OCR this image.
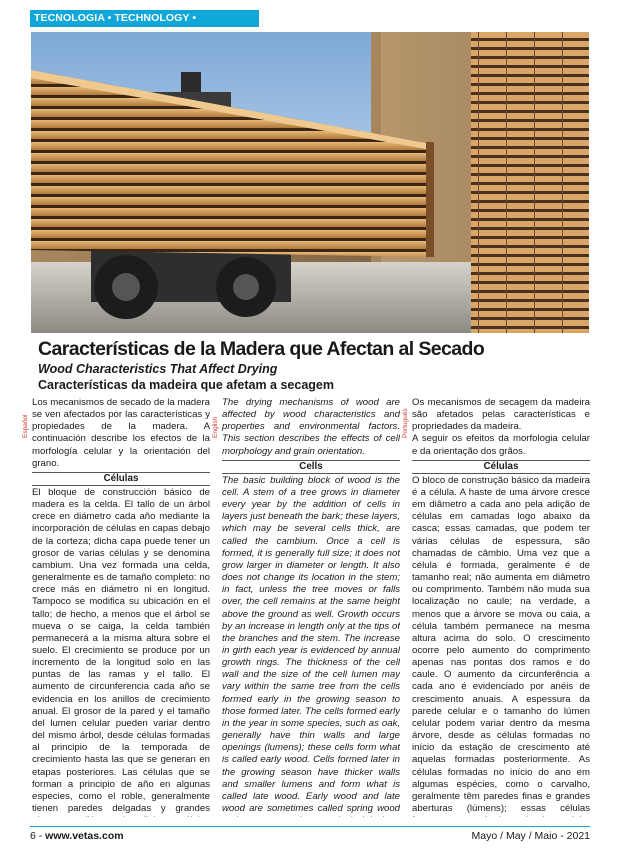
TECNOLOGIA • TECHNOLOGY •
Características de la Madera que Afectan al Secado
Wood Characteristics That Affect Drying
Características da madeira que afetam a secagem
Español	English	Português

Los mecanismos de secado de la madera se ven afectados por las características y propiedades de la madera. A continuación describe los efectos de la morfología celular y la orientación del grano.

Células

El bloque de construcción básico de madera es la celda. El tallo de un árbol crece en diámetro cada año mediante la incorporación de células en capas debajo de la corteza; dicha capa puede tener un grosor de varias células y se denomina cambium. Una vez formada una celda, generalmente es de tamaño completo: no crece más en diámetro ni en longitud. Tampoco se modifica su ubicación en el tallo; de hecho, a menos que el árbol se mueva o se caiga, la celda también permanecerá a la misma altura sobre el suelo. El crecimiento se produce por un incremento de la longitud solo en las puntas de las ramas y el tallo. El aumento de circunferencia cada año se evidencia en los anillos de crecimiento anual. El grosor de la pared y el tamaño del lumen celular pueden variar dentro del mismo árbol, desde células formadas al principio de la temporada de crecimiento hasta las que se generan en etapas posteriores. Las células que se forman a principio de año en algunas especies, como el roble, generalmente tienen paredes delgadas y grandes

The drying mechanisms of wood are affected by wood characteristics and properties and environmental factors. This section describes the effects of cell morphology and grain orientation.

Cells

The basic building block of wood is the cell. A stem of a tree grows in diameter every year by the addition of cells in layers just beneath the bark; these layers, which may be several cells thick, are called the cambium. Once a cell is formed, it is generally full size; it does not grow larger in diameter or length. It also does not change its location in the stem; in fact, unless the tree moves or falls over, the cell remains at the same height above the ground as well. Growth occurs by an increase in length only at the tips of the branches and the stem. The increase in girth each year is evidenced by annual growth rings. The thickness of the cell wall and the size of the cell lumen may vary within the same tree from the cells formed early in the growing season to those formed later. The cells formed early in the year in some species, such as oak, generally have thin walls and large openings (lumens); these cells form what is called early wood. Cells formed later in the growing season have thicker walls and smaller lumens and form what is called late wood. Early wood and late wood are sometimes called spring wood

Os mecanismos de secagem da madeira são afetados pelas características e propriedades da madeira.

A seguir os efeitos da morfologia celular e da orientação dos grãos.

Células

O bloco de construção básico da madeira é a célula. A haste de uma árvore cresce em diâmetro a cada ano pela adição de células em camadas logo abaixo da casca; essas camadas, que podem ter várias células de espessura, são chamadas de câmbio. Uma vez que a célula é formada, geralmente é de tamanho real; não aumenta em diâmetro ou comprimento. Também não muda sua localização no caule; na verdade, a menos que a árvore se mova ou caia, a célula também permanece na mesma altura acima do solo. O crescimento ocorre pelo aumento do comprimento apenas nas pontas dos ramos e do caule. O aumento da circunferência a cada ano é evidenciado por anéis de crescimento anuais. A espessura da parede celular e o tamanho do lúmen celular podem variar dentro da mesma árvore, desde as células formadas no início da estação de crescimento até aquelas formadas posteriormente. As células formadas no início do ano em algumas espécies, como o carvalho, geralmente têm paredes finas e grandes aberturas (lúmens); essas células

6 - www.vetas.com	Mayo / May / Maio - 2021
